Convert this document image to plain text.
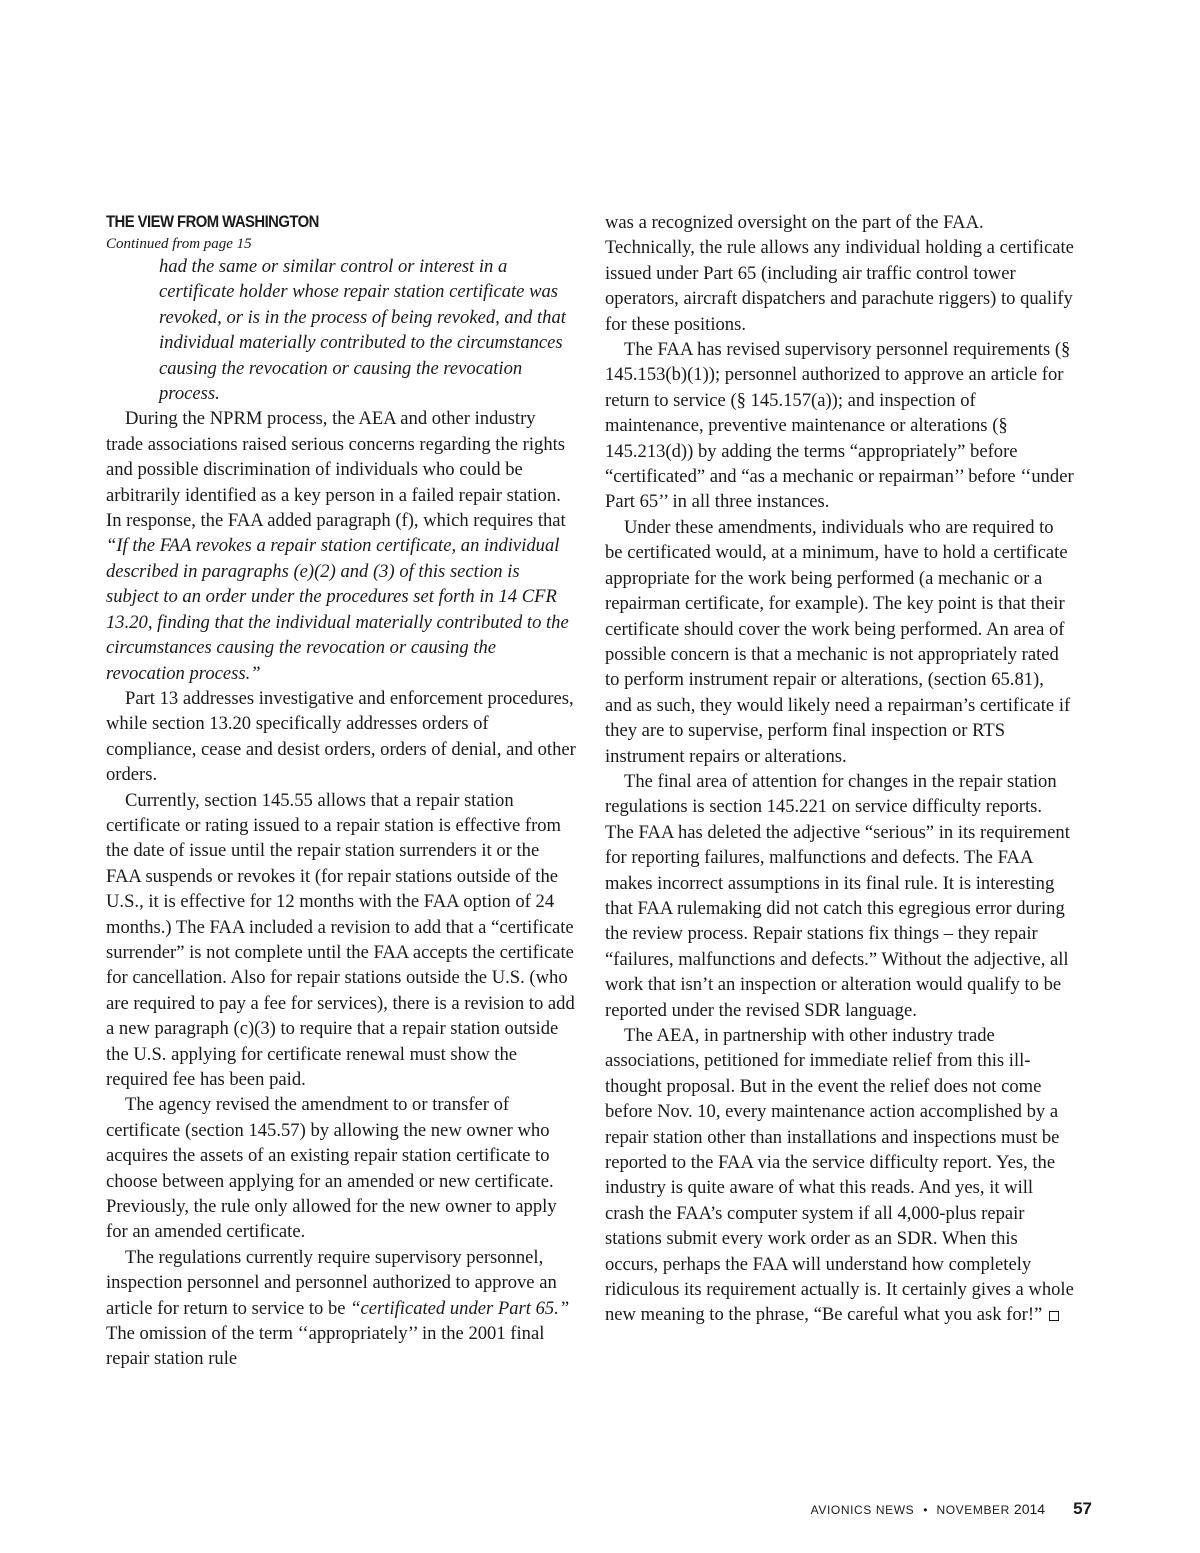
THE VIEW FROM WASHINGTON

Continued from page 15

had the same or similar control or interest in a certificate holder whose repair station certificate was revoked, or is in the process of being revoked, and that individual materially contributed to the circumstances causing the revocation or causing the revocation process.

During the NPRM process, the AEA and other industry trade associations raised serious concerns regarding the rights and possible discrimination of individuals who could be arbitrarily identified as a key person in a failed repair station. In response, the FAA added paragraph (f), which requires that “If the FAA revokes a repair station certificate, an individual described in paragraphs (e)(2) and (3) of this section is subject to an order under the procedures set forth in 14 CFR 13.20, finding that the individual materially contributed to the circumstances causing the revocation or causing the revocation process.”

Part 13 addresses investigative and enforcement procedures, while section 13.20 specifically addresses orders of compliance, cease and desist orders, orders of denial, and other orders.

Currently, section 145.55 allows that a repair station certificate or rating issued to a repair station is effective from the date of issue until the repair station surrenders it or the FAA suspends or revokes it (for repair stations outside of the U.S., it is effective for 12 months with the FAA option of 24 months.) The FAA included a revision to add that a “certificate surrender” is not complete until the FAA accepts the certificate for cancellation. Also for repair stations outside the U.S. (who are required to pay a fee for services), there is a revision to add a new paragraph (c)(3) to require that a repair station outside the U.S. applying for certificate renewal must show the required fee has been paid.

The agency revised the amendment to or transfer of certificate (section 145.57) by allowing the new owner who acquires the assets of an existing repair station certificate to choose between applying for an amended or new certificate. Previously, the rule only allowed for the new owner to apply for an amended certificate.

The regulations currently require supervisory personnel, inspection personnel and personnel authorized to approve an article for return to service to be “certificated under Part 65.” The omission of the term ‘‘appropriately’’ in the 2001 final repair station rule

was a recognized oversight on the part of the FAA. Technically, the rule allows any individual holding a certificate issued under Part 65 (including air traffic control tower operators, aircraft dispatchers and parachute riggers) to qualify for these positions.

The FAA has revised supervisory personnel requirements (§ 145.153(b)(1)); personnel authorized to approve an article for return to service (§ 145.157(a)); and inspection of maintenance, preventive maintenance or alterations (§ 145.213(d)) by adding the terms “appropriately” before “certificated” and “as a mechanic or repairman’’ before ‘‘under Part 65’’ in all three instances.

Under these amendments, individuals who are required to be certificated would, at a minimum, have to hold a certificate appropriate for the work being performed (a mechanic or a repairman certificate, for example). The key point is that their certificate should cover the work being performed. An area of possible concern is that a mechanic is not appropriately rated to perform instrument repair or alterations, (section 65.81), and as such, they would likely need a repairman’s certificate if they are to supervise, perform final inspection or RTS instrument repairs or alterations.

The final area of attention for changes in the repair station regulations is section 145.221 on service difficulty reports. The FAA has deleted the adjective “serious” in its requirement for reporting failures, malfunctions and defects. The FAA makes incorrect assumptions in its final rule. It is interesting that FAA rulemaking did not catch this egregious error during the review process. Repair stations fix things – they repair “failures, malfunctions and defects.” Without the adjective, all work that isn’t an inspection or alteration would qualify to be reported under the revised SDR language.

The AEA, in partnership with other industry trade associations, petitioned for immediate relief from this ill-thought proposal. But in the event the relief does not come before Nov. 10, every maintenance action accomplished by a repair station other than installations and inspections must be reported to the FAA via the service difficulty report. Yes, the industry is quite aware of what this reads. And yes, it will crash the FAA’s computer system if all 4,000-plus repair stations submit every work order as an SDR. When this occurs, perhaps the FAA will understand how completely ridiculous its requirement actually is. It certainly gives a whole new meaning to the phrase, “Be careful what you ask for!”

AVIONICS NEWS • NOVEMBER 2014 57
